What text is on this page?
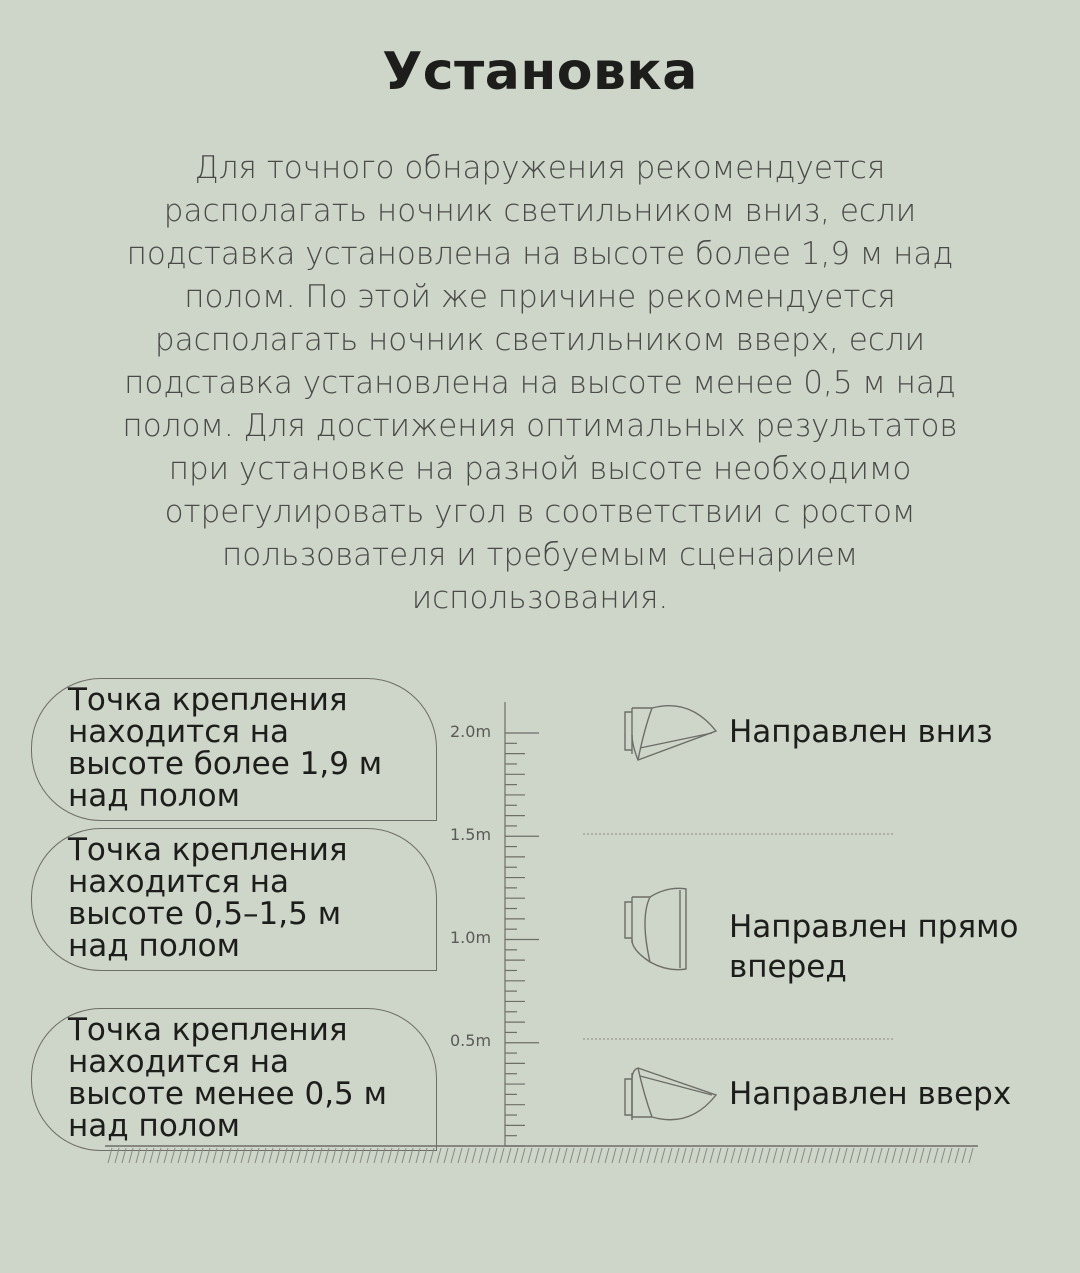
Установка
Для точного обнаружения рекомендуется располагать ночник светильником вниз, если подставка установлена на высоте более 1,9 м над полом. По этой же причине рекомендуется располагать ночник светильником вверх, если подставка установлена на высоте менее 0,5 м над полом. Для достижения оптимальных результатов при установке на разной высоте необходимо отрегулировать угол в соответствии с ростом пользователя и требуемым сценарием использования.
Точка крепления
находится на
высоте более 1,9 м
над полом
Точка крепления
находится на
высоте 0,5–1,5 м
над полом
Точка крепления
находится на
высоте менее 0,5 м
над полом
2.0m
1.5m
1.0m
0.5m
Направлен вниз
Направлен прямо
вперед
Направлен вверх
